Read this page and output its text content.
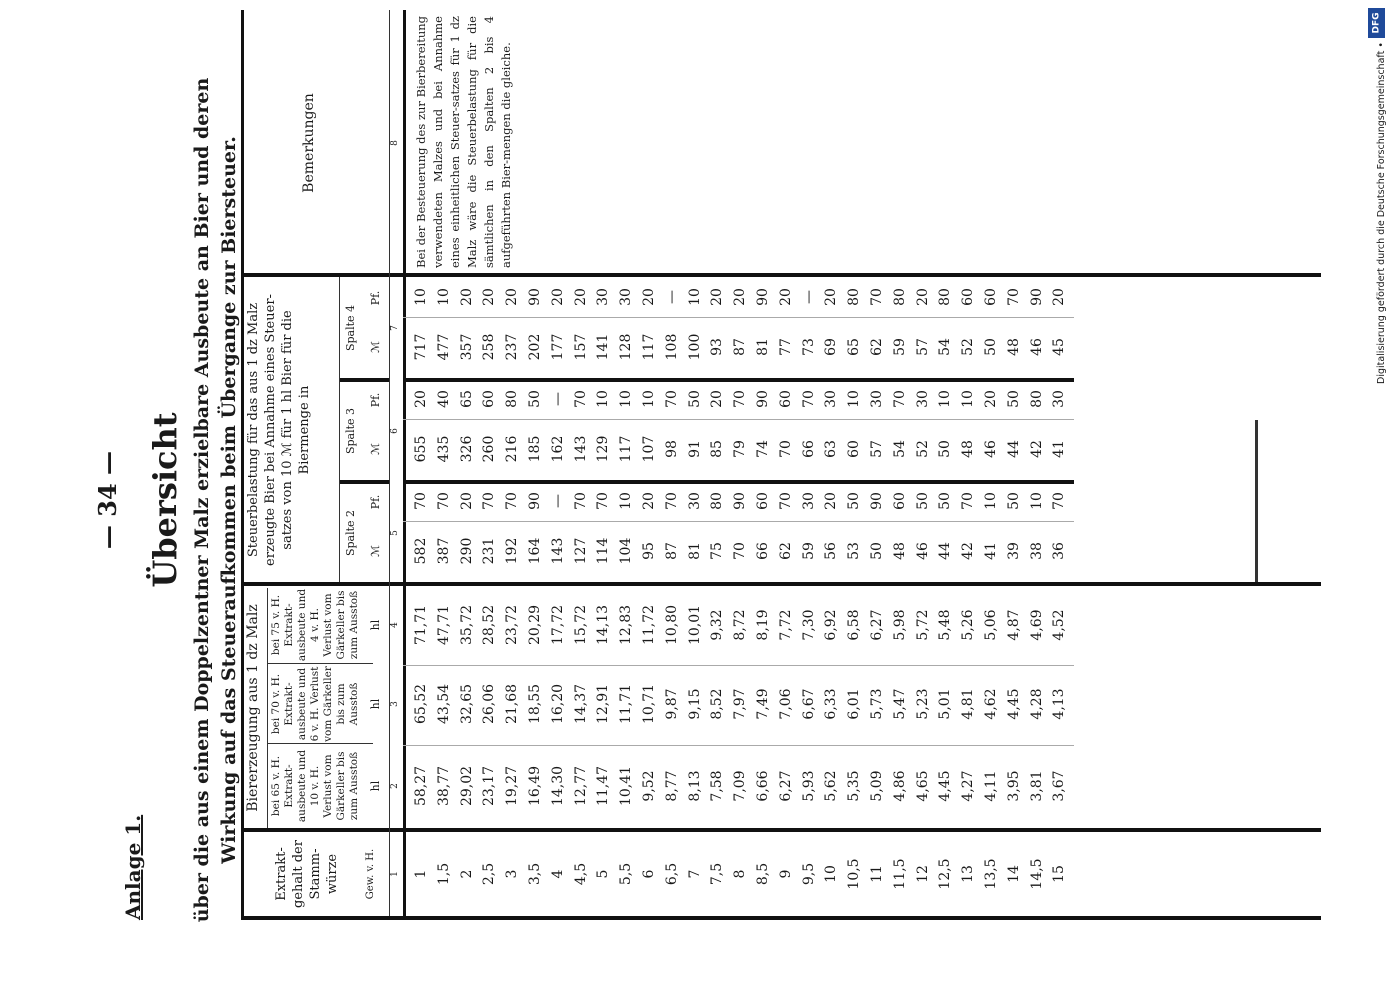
DFG
Digitalisierung gefördert durch die Deutsche Forschungsgemeinschaft •
— 34 —
Anlage 1.
Übersicht über die aus einem Doppelzentner Malz erzielbare Ausbeute an Bier und deren Wirkung auf das Steueraufkommen beim Übergange zur Biersteuer.
Extrakt-gehalt der Stamm-würze	Gew. v. H.
Biererzeugung aus 1 dz Malz bei 65 v. H. Extrakt-ausbeute und 10 v. H. Verlust vom Gärkeller bis zum Ausstoß
bei 70 v. H. Extrakt-ausbeute und 6 v. H. Verlust vom Gärkeller bis zum Ausstoß
bei 75 v. H. Extrakt-ausbeute und 4 v. H. Verlust vom Gärkeller bis zum Ausstoß
hl
hl
hl
Steuerbelastung für das aus 1 dz Malz erzeugte Bier bei Annahme eines Steuer-satzes von 10 ℳ für 1 hl Bier für die Biermenge in
Spalte 2
Spalte 3
Spalte 4
ℳ
Pf.
ℳ
Pf.
ℳ
Pf.
Bemerkungen
1
2
3
4
5
6
7
8 Bei der Besteuerung des zur Bierbereitung verwendeten Malzes und bei Annahme eines einheitlichen Steuer-satzes für 1 dz Malz wäre die Steuerbelastung für die sämtlichen in den Spalten 2 bis 4 aufgeführten Bier-mengen die gleiche.
1
58,27
65,52
71,71
582
70
655
20
717
10
1,5
38,77
43,54
47,71
387
70
435
40
477
10
2
29,02
32,65
35,72
290
20
326
65
357
20
2,5
23,17
26,06
28,52
231
70
260
60
258
20
3
19,27
21,68
23,72
192
70
216
80
237
20
3,5
16,49
18,55
20,29
164
90
185
50
202
90
4
14,30
16,20
17,72
143
—
162
—
177
20
4,5
12,77
14,37
15,72
127
70
143
70
157
20
5
11,47
12,91
14,13
114
70
129
10
141
30
5,5
10,41
11,71
12,83
104
10
117
10
128
30
6
9,52
10,71
11,72
95
20
107
10
117
20
6,5
8,77
9,87
10,80
87
70
98
70
108
—
7
8,13
9,15
10,01
81
30
91
50
100
10
7,5
7,58
8,52
9,32
75
80
85
20
93
20
8
7,09
7,97
8,72
70
90
79
70
87
20
8,5
6,66
7,49
8,19
66
60
74
90
81
90
9
6,27
7,06
7,72
62
70
70
60
77
20
9,5
5,93
6,67
7,30
59
30
66
70
73
—
10
5,62
6,33
6,92
56
20
63
30
69
20
10,5
5,35
6,01
6,58
53
50
60
10
65
80
11
5,09
5,73
6,27
50
90
57
30
62
70
11,5
4,86
5,47
5,98
48
60
54
70
59
80
12
4,65
5,23
5,72
46
50
52
30
57
20
12,5
4,45
5,01
5,48
44
50
50
10
54
80
13
4,27
4,81
5,26
42
70
48
10
52
60
13,5
4,11
4,62
5,06
41
10
46
20
50
60
14
3,95
4,45
4,87
39
50
44
50
48
70
14,5
3,81
4,28
4,69
38
10
42
80
46
90
15
3,67
4,13
4,52
36
70
41
30
45
20
